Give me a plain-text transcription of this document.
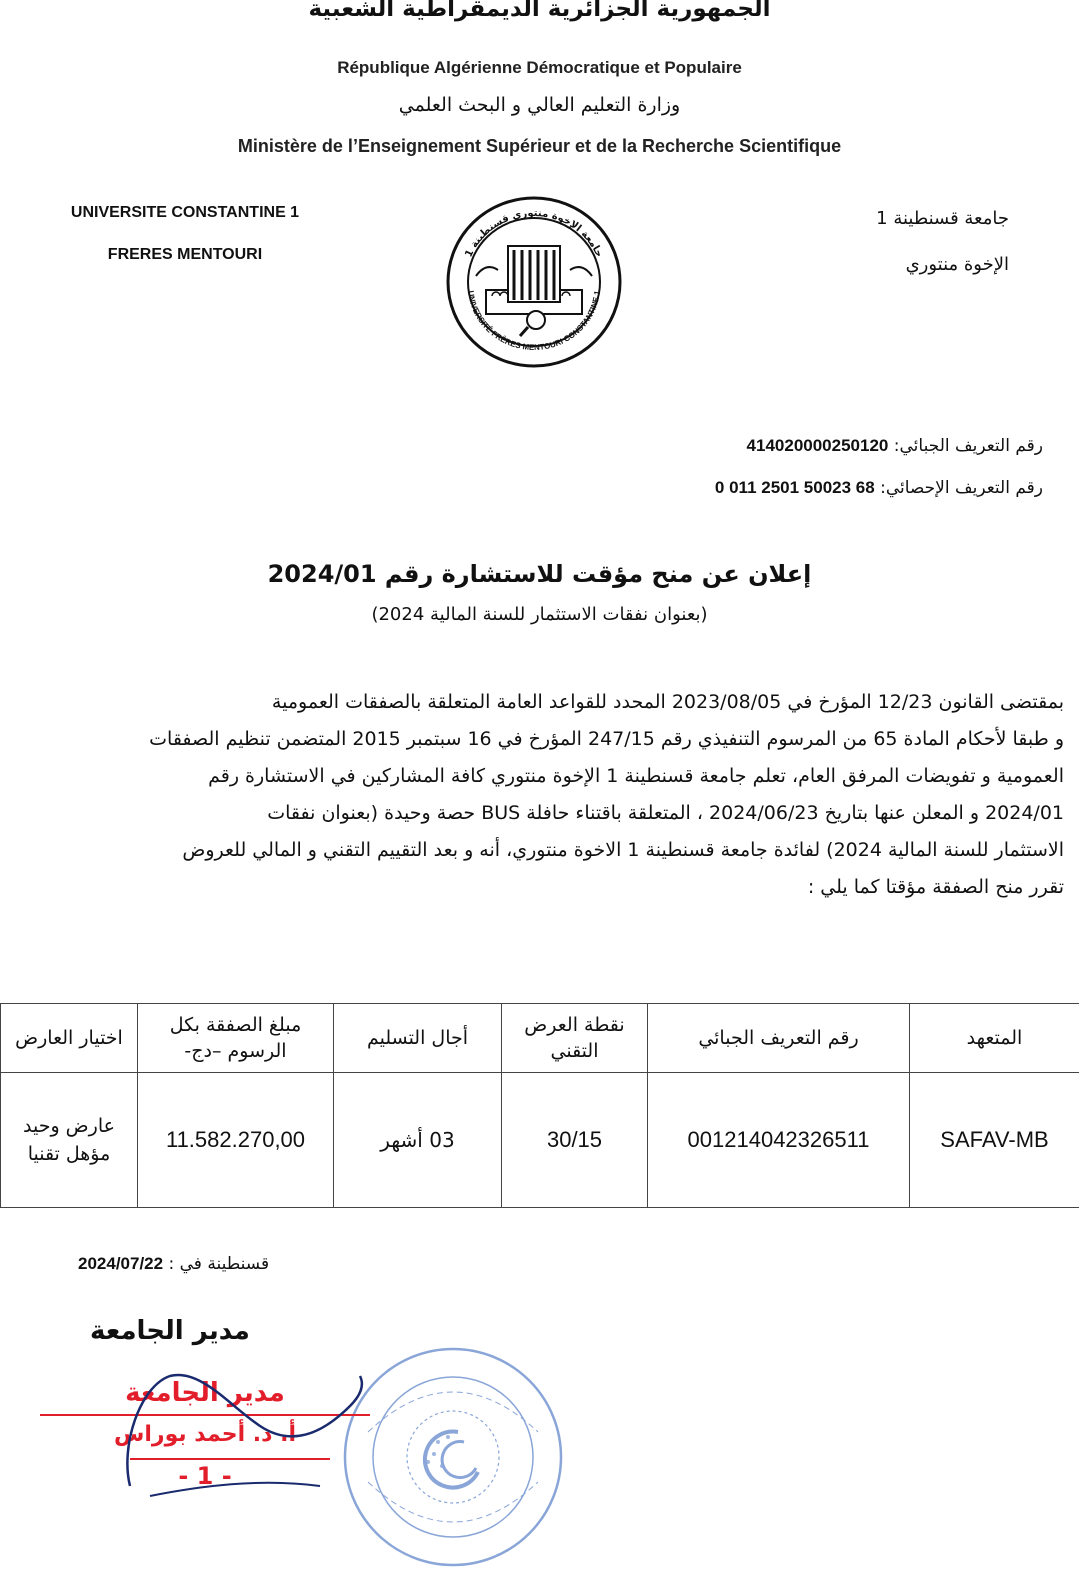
الجمهورية الجزائرية الديمقراطية الشعبية
République Algérienne Démocratique et Populaire
وزارة التعليم العالي و البحث العلمي
Ministère de l’Enseignement Supérieur et de la Recherche Scientifique
UNIVERSITE CONSTANTINE 1
FRERES MENTOURI
جامعة قسنطينة 1
الإخوة منتوري
جامعة الإخوة منتوري قسنطينة 1
UNIVERSITÉ FRÈRES MENTOURI CONSTANTINE 1
رقم التعريف الجبائي: 414020000250120
رقم التعريف الإحصائي: 0 011 2501 50023 68
إعلان عن منح مؤقت للاستشارة رقم 2024/01
(بعنوان نفقات الاستثمار للسنة المالية 2024)

بمقتضى القانون 12/23 المؤرخ في 2023/08/05 المحدد للقواعد العامة المتعلقة بالصفقات العمومية

و طبقا لأحكام المادة 65 من المرسوم التنفيذي رقم 247/15 المؤرخ في 16 سبتمبر 2015 المتضمن تنظيم الصفقات

العمومية و تفويضات المرفق العام، تعلم جامعة قسنطينة 1 الإخوة منتوري كافة المشاركين في الاستشارة رقم

2024/01 و المعلن عنها بتاريخ 2024/06/23 ، المتعلقة باقتناء حافلة BUS حصة وحيدة (بعنوان نفقات

الاستثمار للسنة المالية 2024) لفائدة جامعة قسنطينة 1 الاخوة منتوري، أنه و بعد التقييم التقني و المالي للعروض

تقرر منح الصفقة مؤقتا كما يلي :

المتعهد	رقم التعريف الجبائي	نقطة العرض التقني	أجال التسليم	مبلغ الصفقة بكل الرسوم –دج-	اختيار العارض
SAFAV-MB	001214042326511	30/15	03 أشهر	11.582.270,00	عارض وحيد مؤهل تقنيا
قسنطينة في : 2024/07/22
مدير الجامعة
مدير الجامعة
أ. د. أحمد بوراس
- 1 -
